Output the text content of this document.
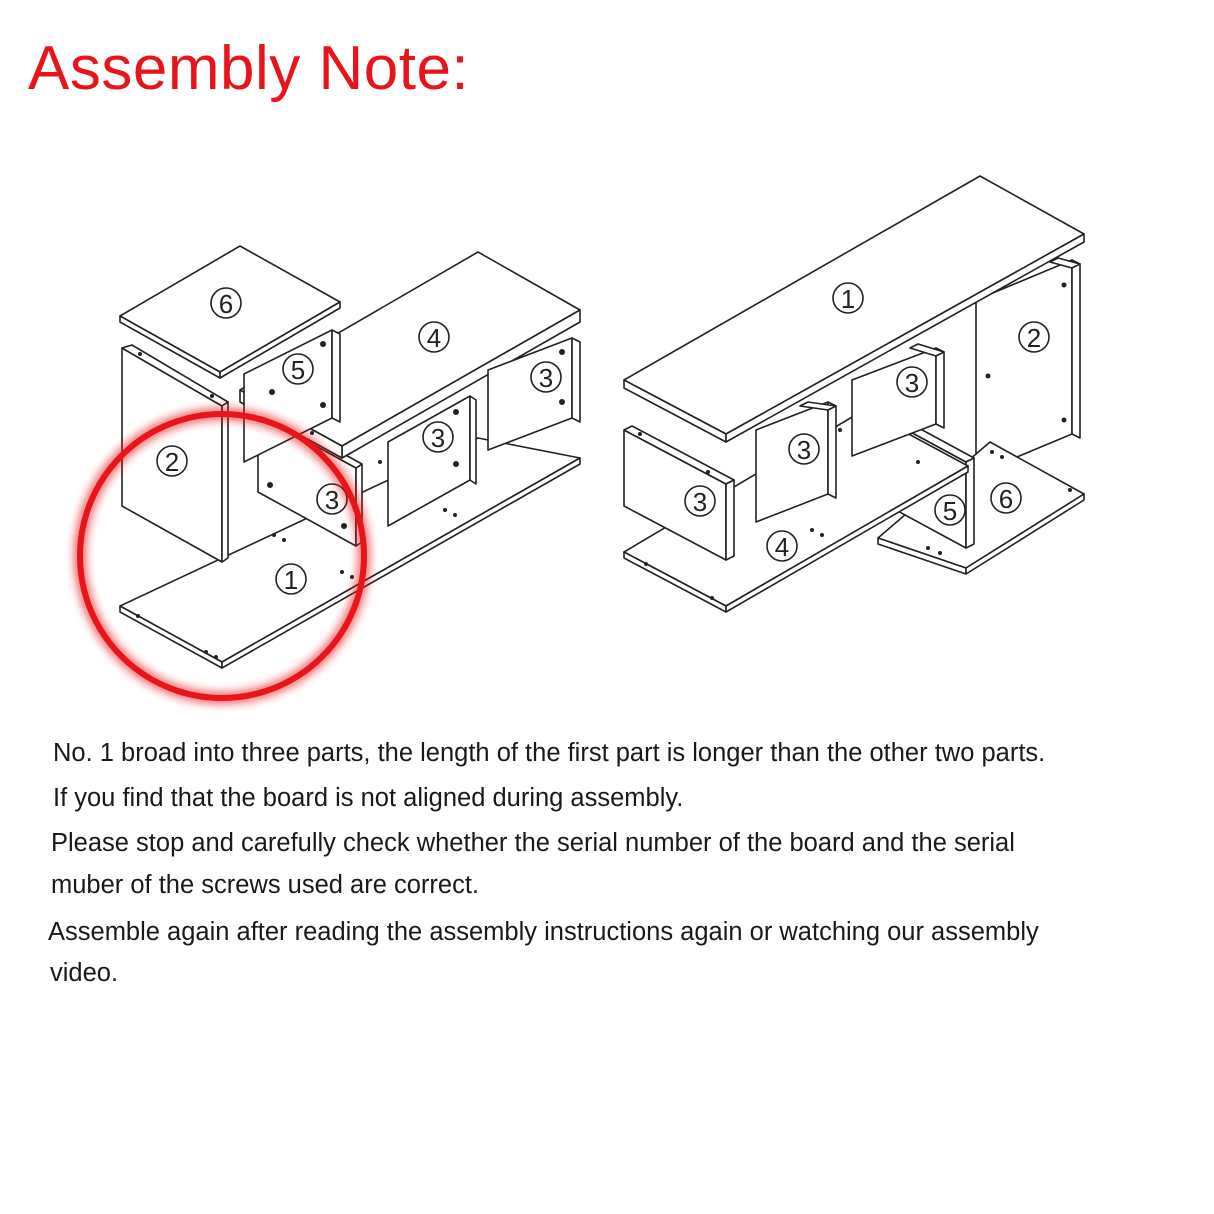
Assembly Note:
6
4
5	3
3
2
3
1
1
2
3
3
3
4
5 6
No. 1 broad into three parts, the length of the first part is longer than the other two parts.
If you find that the board is not aligned during assembly.
Please stop and carefully check whether the serial number of the board and the serial
muber of the screws used are correct.
Assemble again after reading the assembly instructions again or watching our assembly
video.
